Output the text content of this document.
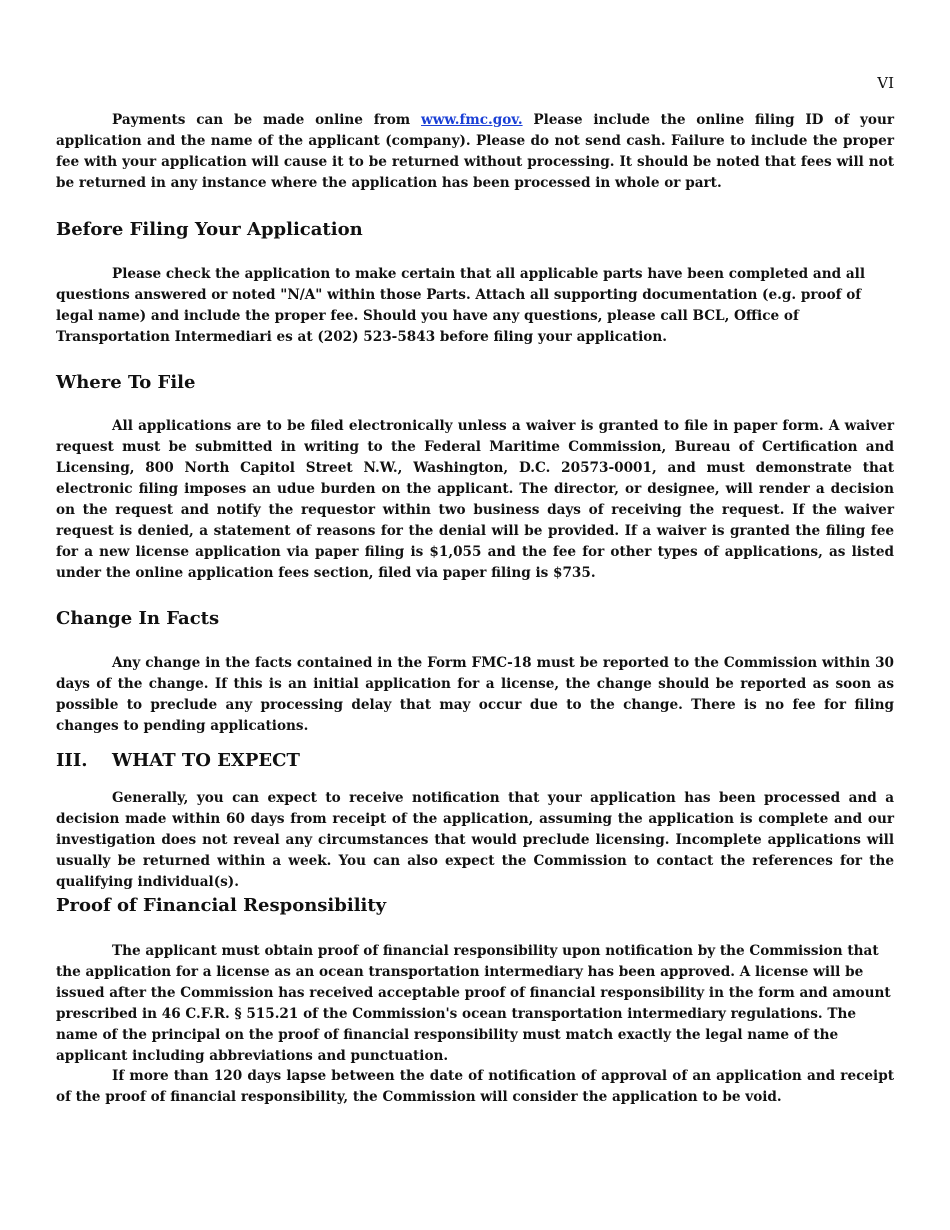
VI

Payments can be made online from www.fmc.gov. Please include the online filing ID of your application and the name of the applicant (company). Please do not send cash. Failure to include the proper fee with your application will cause it to be returned without processing. It should be noted that fees will not be returned in any instance where the application has been processed in whole or part.

Before Filing Your Application

Please check the application to make certain that all applicable parts have been completed and all questions answered or noted "N/A" within those Parts. Attach all supporting documentation (e.g. proof of legal name) and include the proper fee. Should you have any questions, please call BCL, Office of Transportation Intermediari es at (202) 523-5843 before filing your application.

Where To File

All applications are to be filed electronically unless a waiver is granted to file in paper form. A waiver request must be submitted in writing to the Federal Maritime Commission, Bureau of Certification and Licensing, 800 North Capitol Street N.W., Washington, D.C. 20573-0001, and must demonstrate that electronic filing imposes an udue burden on the applicant. The director, or designee, will render a decision on the request and notify the requestor within two business days of receiving the request. If the waiver request is denied, a statement of reasons for the denial will be provided. If a waiver is granted the filing fee for a new license application via paper filing is $1,055 and the fee for other types of applications, as listed under the online application fees section, filed via paper filing is $735.

Change In Facts

Any change in the facts contained in the Form FMC-18 must be reported to the Commission within 30 days of the change. If this is an initial application for a license, the change should be reported as soon as possible to preclude any processing delay that may occur due to the change. There is no fee for filing changes to pending applications.

III.	WHAT TO EXPECT

Generally, you can expect to receive notification that your application has been processed and a decision made within 60 days from receipt of the application, assuming the application is complete and our investigation does not reveal any circumstances that would preclude licensing. Incomplete applications will usually be returned within a week. You can also expect the Commission to contact the references for the qualifying individual(s).

Proof of Financial Responsibility

The applicant must obtain proof of financial responsibility upon notification by the Commission that the application for a license as an ocean transportation intermediary has been approved. A license will be issued after the Commission has received acceptable proof of financial responsibility in the form and amount prescribed in 46 C.F.R. § 515.21 of the Commission's ocean transportation intermediary regulations. The name of the principal on the proof of financial responsibility must match exactly the legal name of the applicant including abbreviations and punctuation.

If more than 120 days lapse between the date of notification of approval of an application and receipt of the proof of financial responsibility, the Commission will consider the application to be void.
